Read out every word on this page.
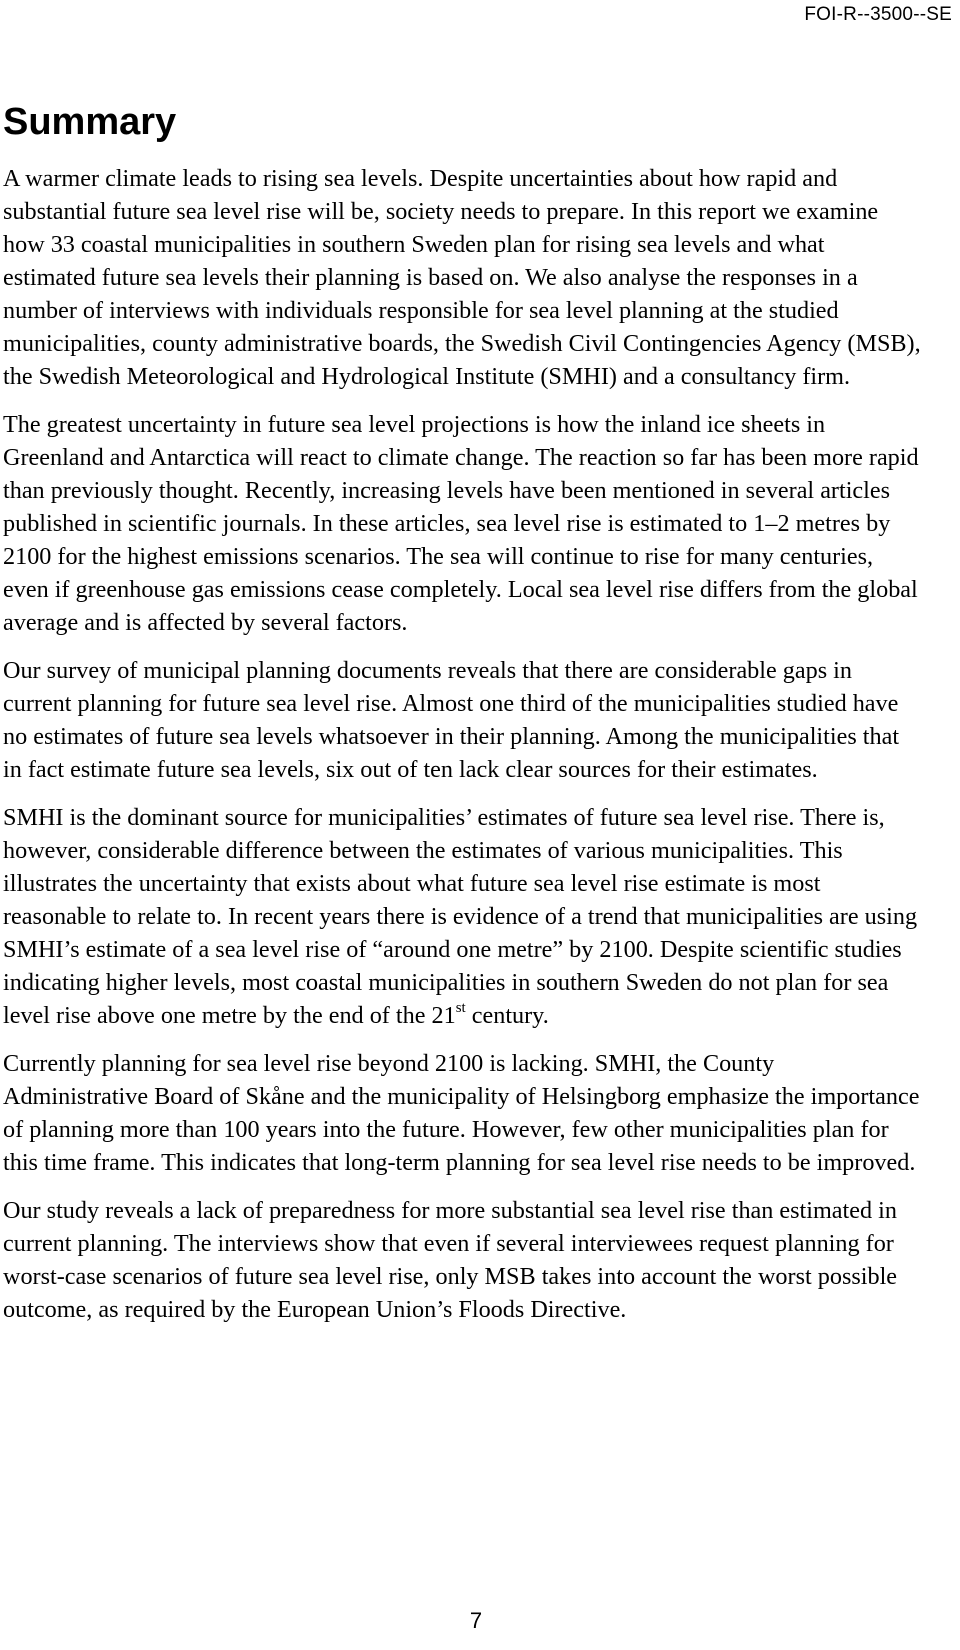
FOI-R--3500--SE
Summary

A warmer climate leads to rising sea levels. Despite uncertainties about how rapid and substantial future sea level rise will be, society needs to prepare. In this report we examine how 33 coastal municipalities in southern Sweden plan for rising sea levels and what estimated future sea levels their planning is based on. We also analyse the responses in a number of interviews with individuals responsible for sea level planning at the studied municipalities, county administrative boards, the Swedish Civil Contingencies Agency (MSB), the Swedish Meteorological and Hydrological Institute (SMHI) and a consultancy firm.

The greatest uncertainty in future sea level projections is how the inland ice sheets in Greenland and Antarctica will react to climate change. The reaction so far has been more rapid than previously thought. Recently, increasing levels have been mentioned in several articles published in scientific journals. In these articles, sea level rise is estimated to 1–2 metres by 2100 for the highest emissions scenarios. The sea will continue to rise for many centuries, even if greenhouse gas emissions cease completely. Local sea level rise differs from the global average and is affected by several factors.

Our survey of municipal planning documents reveals that there are considerable gaps in current planning for future sea level rise. Almost one third of the municipalities studied have no estimates of future sea levels whatsoever in their planning. Among the municipalities that in fact estimate future sea levels, six out of ten lack clear sources for their estimates.

SMHI is the dominant source for municipalities’ estimates of future sea level rise. There is, however, considerable difference between the estimates of various municipalities. This illustrates the uncertainty that exists about what future sea level rise estimate is most reasonable to relate to. In recent years there is evidence of a trend that municipalities are using SMHI’s estimate of a sea level rise of “around one metre” by 2100. Despite scientific studies indicating higher levels, most coastal municipalities in southern Sweden do not plan for sea level rise above one metre by the end of the 21st century.

Currently planning for sea level rise beyond 2100 is lacking. SMHI, the County Administrative Board of Skåne and the municipality of Helsingborg emphasize the importance of planning more than 100 years into the future. However, few other municipalities plan for this time frame. This indicates that long-term planning for sea level rise needs to be improved.

Our study reveals a lack of preparedness for more substantial sea level rise than estimated in current planning. The interviews show that even if several interviewees request planning for worst-case scenarios of future sea level rise, only MSB takes into account the worst possible outcome, as required by the European Union’s Floods Directive.

7
